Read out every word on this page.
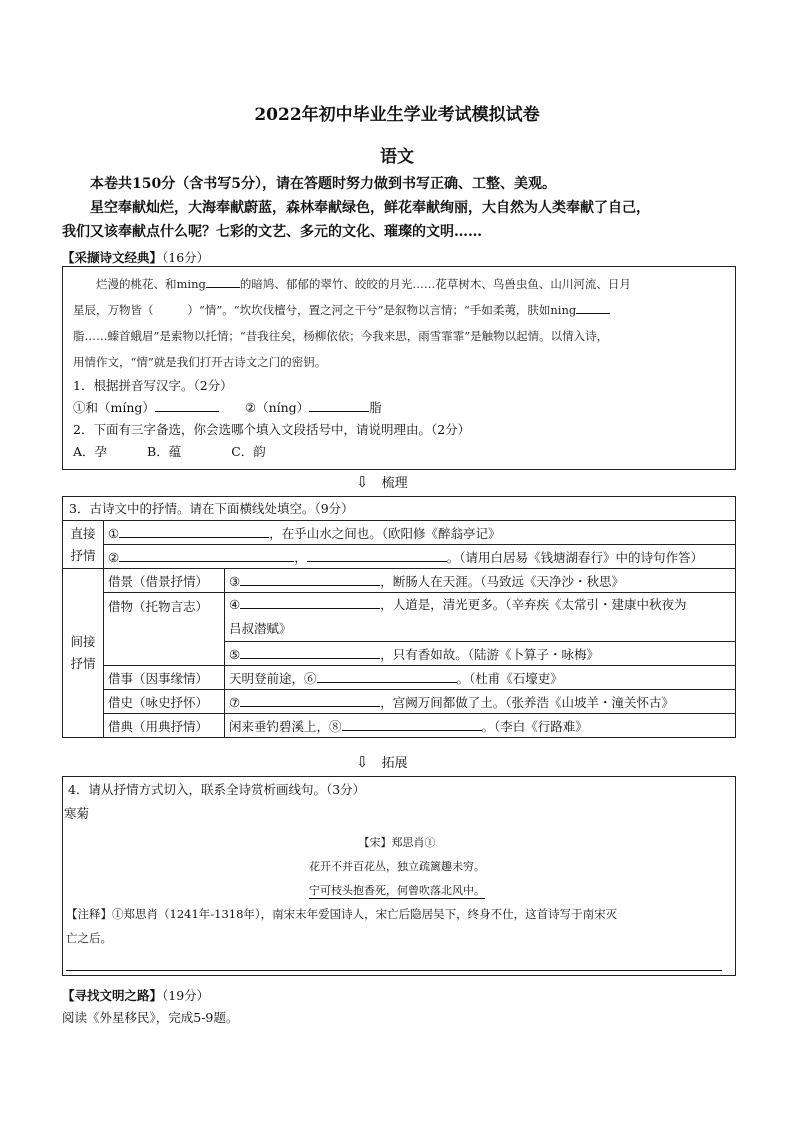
2022年初中毕业生学业考试模拟试卷
语文
本卷共150分（含书写5分），请在答题时努力做到书写正确、工整、美观。
星空奉献灿烂，大海奉献蔚蓝，森林奉献绿色，鲜花奉献绚丽，大自然为人类奉献了自己，
我们又该奉献点什么呢？七彩的文艺、多元的文化、璀璨的文明……
【采撷诗文经典】（16分）

烂漫的桃花、和ming	的暗鸠、郁郁的翠竹、皎皎的月光……花草树木、鸟兽虫鱼、山川河流、日月

星辰，万物皆（	）“情”。“坎坎伐檀兮，置之河之干兮”是叙物以言情；“手如柔荑，肤如ning

脂……螓首蛾眉”是索物以托情；“昔我往矣，杨柳依依；今我来思，雨雪霏霏”是触物以起情。以情入诗，

用情作文，“情”就是我们打开古诗文之门的密钥。

1．根据拼音写汉字。（2分）

①和（míng）	②（níng）	脂

2．下面有三字备选，你会选哪个填入文段括号中，请说明理由。（2分）

A．孕	B．蕴	C．韵

⇩ 梳理
3．古诗文中的抒情。请在下面横线处填空。（9分）
直接抒情	① ，在乎山水之间也。（欧阳修《醉翁亭记》	
	② ， 。（请用白居易《钱塘湖春行》中的诗句作答）	
间接抒情	借景（借景抒情）	③ ，断肠人在天涯。（马致远《天净沙・秋思》
	借物（托物言志）	④ ，人道是，清光更多。（辛弃疾《太常引・建康中秋夜为
吕叔潜赋》
		⑤ ，只有香如故。（陆游《卜算子・咏梅》
	借事（因事缘情）	天明登前途，⑥ 。（杜甫《石壕吏》
	借史（咏史抒怀）	⑦ ，宫阙万间都做了土。（张养浩《山坡羊・潼关怀古》
	借典（用典抒情）	闲来垂钓碧溪上，⑧ 。（李白《行路难》
⇩ 拓展
4．请从抒情方式切入，联系全诗赏析画线句。（3分）
寒菊
【宋】郑思肖①
花开不并百花丛，独立疏篱趣未穷。
宁可枝头抱香死，何曾吹落北风中。

【注释】①郑思肖（1241年-1318年），南宋末年爱国诗人，宋亡后隐居吴下，终身不仕，这首诗写于南宋灭

亡之后。

【寻找文明之路】（19分）
阅读《外星移民》，完成5-9题。
